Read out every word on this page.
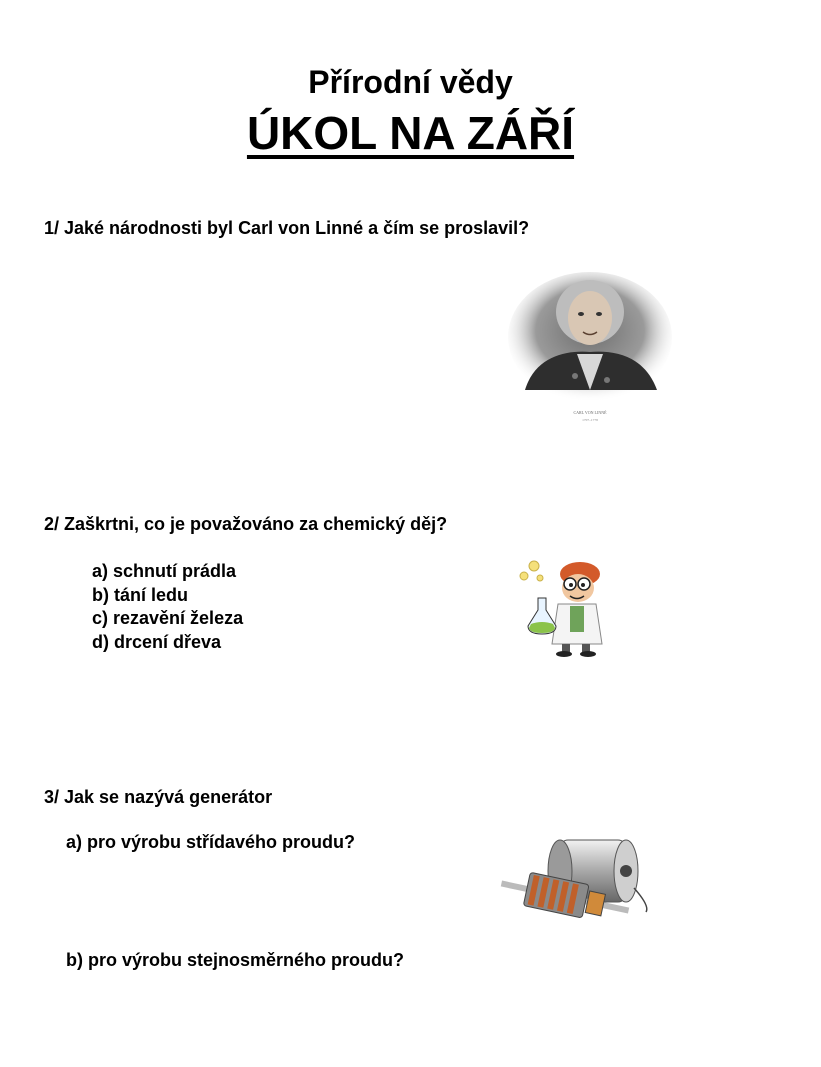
Přírodní vědy
ÚKOL NA ZÁŘÍ
1/ Jaké národnosti byl Carl von Linné a čím se proslavil?
CARL VON LINNÉ
1707–1778
2/ Zaškrtni, co je považováno za chemický děj?
a) schnutí prádla
b) tání ledu
c) rezavění železa
d) drcení dřeva
3/ Jak se nazývá generátor
a) pro výrobu střídavého proudu?
b) pro výrobu stejnosměrného proudu?
